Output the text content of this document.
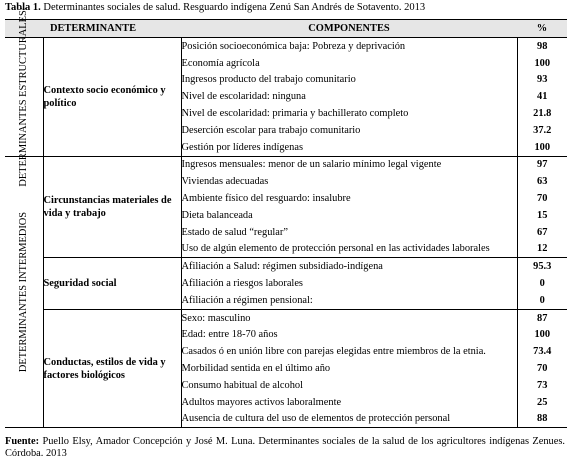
Tabla 1. Determinantes sociales de salud. Resguardo indígena Zenú San Andrés de Sotavento. 2013
DETERMINANTE		COMPONENTES	%

DETERMINANTES ESTRUCTURALES:	Contexto socio económico y político	Posición socioeconómica baja: Pobreza y deprivación	98
		Economía agrícola	100
		Ingresos producto del trabajo comunitario	93
		Nivel de escolaridad: ninguna	41
		Nivel de escolaridad: primaria y bachillerato completo	21.8
		Deserción escolar para trabajo comunitario	37.2
		Gestión por líderes indígenas	100

DETERMINANTES INTERMEDIOS	Circunstancias materiales de vida y trabajo	Ingresos mensuales: menor de un salario mínimo legal vigente	97
		Viviendas adecuadas	63
		Ambiente físico del resguardo: insalubre	70
		Dieta balanceada	15
		Estado de salud “regular”	67
		Uso de algún elemento de protección personal en las actividades laborales	12
	Seguridad social	Afiliación a Salud: régimen subsidiado-indígena	95.3
		Afiliación a riesgos laborales	0
		Afiliación a régimen pensional:	0
	Conductas, estilos de vida y factores biológicos	Sexo: masculino	87
		Edad: entre 18-70 años	100
		Casados ó en unión libre con parejas elegidas entre miembros de la etnia.	73.4
		Morbilidad sentida en el último año	70
		Consumo habitual de alcohol	73
		Adultos mayores activos laboralmente	25
		Ausencia de cultura del uso de elementos de protección personal	88
Fuente: Puello Elsy, Amador Concepción y José M. Luna. Determinantes sociales de la salud de los agricultores indígenas Zenues. Córdoba. 2013
